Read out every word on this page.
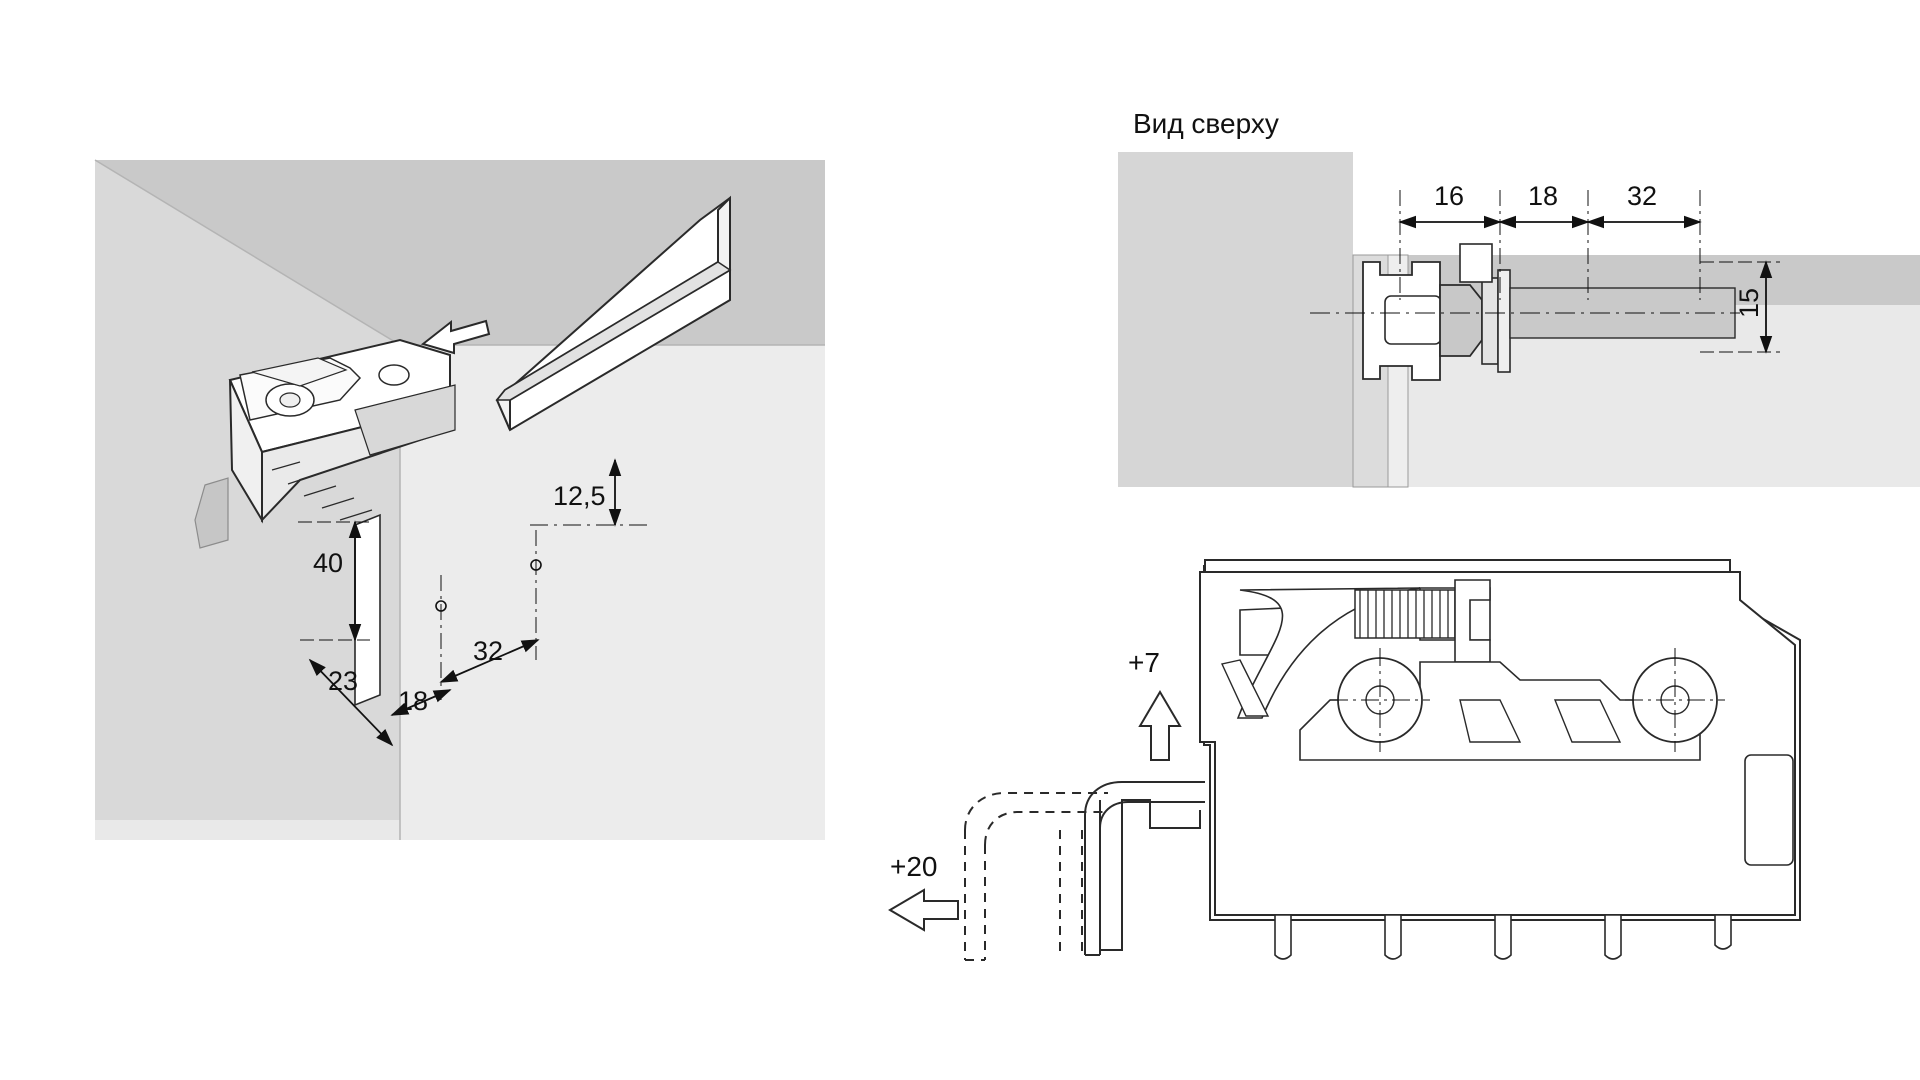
12,5
40
23
18
32
Вид сверху
16 18	32
15
+7
+20
